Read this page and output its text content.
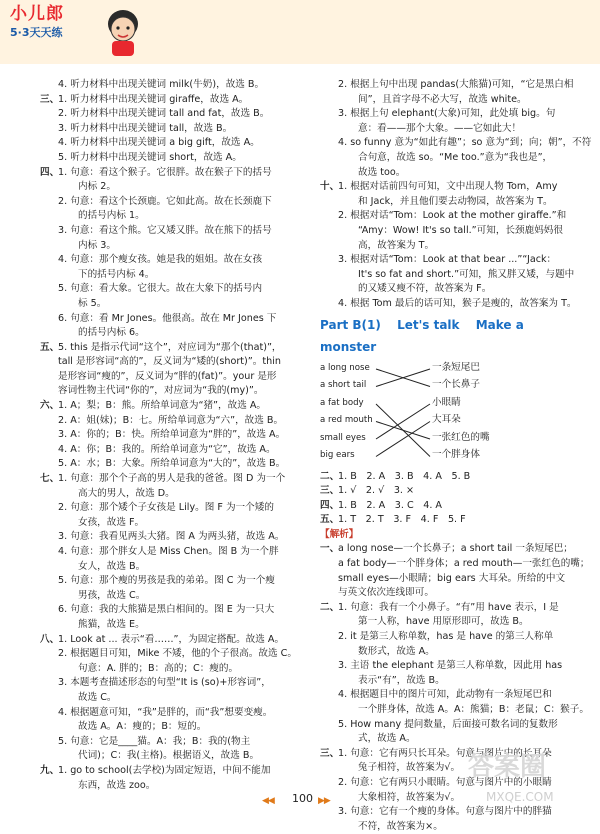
小儿郎
5·3天天练
4. 听力材料中出现关键词 milk(牛奶)，故选 B。
三、
1. 听力材料中出现关键词 giraffe，故选 A。
2. 听力材料中出现关键词 tall and fat，故选 B。
3. 听力材料中出现关键词 tall，故选 B。
4. 听力材料中出现关键词 a big gift，故选 A。
5. 听力材料中出现关键词 short，故选 A。
四、
1. 句意：看这个猴子。它很胖。故在猴子下的括号
内标 2。
2. 句意：看这个长颈鹿。它如此高。故在长颈鹿下
的括号内标 1。
3. 句意：看这个熊。它又矮又胖。故在熊下的括号
内标 3。
4. 句意：那个瘦女孩。她是我的姐姐。故在女孩
下的括号内标 4。
5. 句意：看大象。它很大。故在大象下的括号内
标 5。
6. 句意：看 Mr Jones。他很高。故在 Mr Jones 下
的括号内标 6。
五、
5. this 是指示代词“这个”，对应词为“那个(that)”，
tall 是形容词“高的”，反义词为“矮的(short)”。thin
是形容词“瘦的”，反义词为“胖的(fat)”。your 是形
容词性物主代词“你的”，对应词为“我的(my)”。
六、
1. A；梨；B：熊。所给单词意为“猪”，故选 A。
2. A：姐(妹)；B：七。所给单词意为“六”，故选 B。
3. A：你的；B：快。所给单词意为“胖的”，故选 A。
4. A：你；B：我的。所给单词意为“它”，故选 A。
5. A：水；B：大象。所给单词意为“大的”，故选 B。
七、
1. 句意：那个个子高的男人是我的爸爸。图 D 为一个
高大的男人，故选 D。
2. 句意：那个矮个子女孩是 Lily。图 F 为一个矮的
女孩，故选 F。
3. 句意：我看见两头大猪。图 A 为两头猪，故选 A。
4. 句意：那个胖女人是 Miss Chen。图 B 为一个胖
女人，故选 B。
5. 句意：那个瘦的男孩是我的弟弟。图 C 为一个瘦
男孩，故选 C。
6. 句意：我的大熊猫是黑白相间的。图 E 为一只大
熊猫，故选 E。
八、
1. Look at ... 表示“看……”，为固定搭配。故选 A。
2. 根据题目可知，Mike 不矮，他的个子很高。故选 C。
句意：A. 胖的；B：高的；C：瘦的。
3. 本题考查描述形态的句型“It is (so)+形容词”，
故选 C。
4. 根据题意可知，“我”是胖的，而“我”想要变瘦。
故选 A。A：瘦的；B：短的。
5. 句意：它是____猫。A：我；B：我的(物主
代词)；C：我(主格)。根据语义，故选 B。
九、
1. go to school(去学校)为固定短语，中间不能加
东西，故选 zoo。
2. 根据上句中出现 pandas(大熊猫)可知，“它是黑白相
间”，且首字母不必大写，故选 white。
3. 根据上句 elephant(大象)可知，此处填 big。句
意：看——那个大象。——它如此大！
4. so funny 意为“如此有趣”；so 意为“到；向；朝”，不符
合句意，故选 so。“Me too.”意为“我也是”，
故选 too。
十、
1. 根据对话前四句可知，文中出现人物 Tom，Amy
和 Jack，并且他们要去动物园，故答案为 T。
2. 根据对话“Tom：Look at the mother giraffe.”和
“Amy：Wow! It's so tall.”可知，长颈鹿妈妈很
高，故答案为 T。
3. 根据对话“Tom：Look at that bear ...”“Jack：
It's so fat and short.”可知，熊又胖又矮，与题中
的又矮又瘦不符，故答案为 F。
4. 根据 Tom 最后的话可知，猴子是瘦的，故答案为 T。
Part B(1) Let's talk Make a monster
a long nose
a short tail
a fat body
a red mouth
small eyes
big ears
一条短尾巴
一个长鼻子
小眼睛
大耳朵
一张红色的嘴
一个胖身体
二、
1. B　2. A　3. B　4. A　5. B
三、
1. √　2. √　3. ×
四、
1. B　2. A　3. C　4. A
五、
1. T　2. T　3. F　4. F　5. F
【解析】
一、
a long nose—一个长鼻子；a short tail 一条短尾巴；
a fat body—一个胖身体；a red mouth—一张红色的嘴；
small eyes—小眼睛；big ears 大耳朵。所给的中文
与英文依次连线即可。
二、
1. 句意：我有一个小鼻子。“有”用 have 表示，I 是
第一人称，have 用原形即可，故选 B。
2. it 是第三人称单数，has 是 have 的第三人称单
数形式，故选 A。
3. 主语 the elephant 是第三人称单数，因此用 has
表示“有”，故选 B。
4. 根据题目中的图片可知，此动物有一条短尾巴和
一个胖身体，故选 A。A：熊猫；B：老鼠；C：猴子。
5. How many 提问数量，后面接可数名词的复数形
式，故选 A。
三、
1. 句意：它有两只长耳朵。句意与图片中的长耳朵
兔子相符，故答案为√。
2. 句意：它有两只小眼睛。句意与图片中的小眼睛
大象相符，故答案为√。
3. 句意：它有一个瘦的身体。句意与图片中的胖猫
不符，故答案为×。
◀◀ 100 ▶▶
答案圈
MXQE.COM
